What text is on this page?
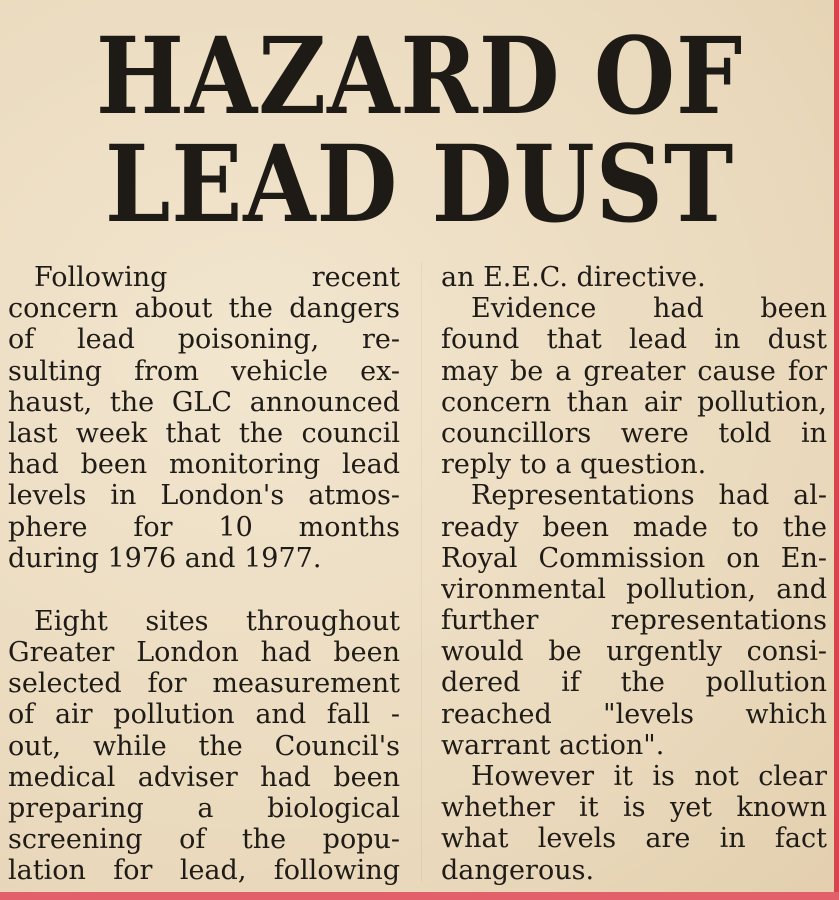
HAZARD OF
LEAD DUST
Following recent
concern about the dangers
of lead poisoning, re-
sulting from vehicle ex-
haust, the GLC announced
last week that the council
had been monitoring lead
levels in London's atmos-
phere for 10 months
during 1976 and 1977.
Eight sites throughout
Greater London had been
selected for measurement
of air pollution and fall -
out, while the Council's
medical adviser had been
preparing a biological
screening of the popu-
lation for lead, following
an E.E.C. directive.
Evidence had been
found that lead in dust
may be a greater cause for
concern than air pollution,
councillors were told in
reply to a question.
Representations had al-
ready been made to the
Royal Commission on En-
vironmental pollution, and
further representations
would be urgently consi-
dered if the pollution
reached "levels which
warrant action".
However it is not clear
whether it is yet known
what levels are in fact
dangerous.
